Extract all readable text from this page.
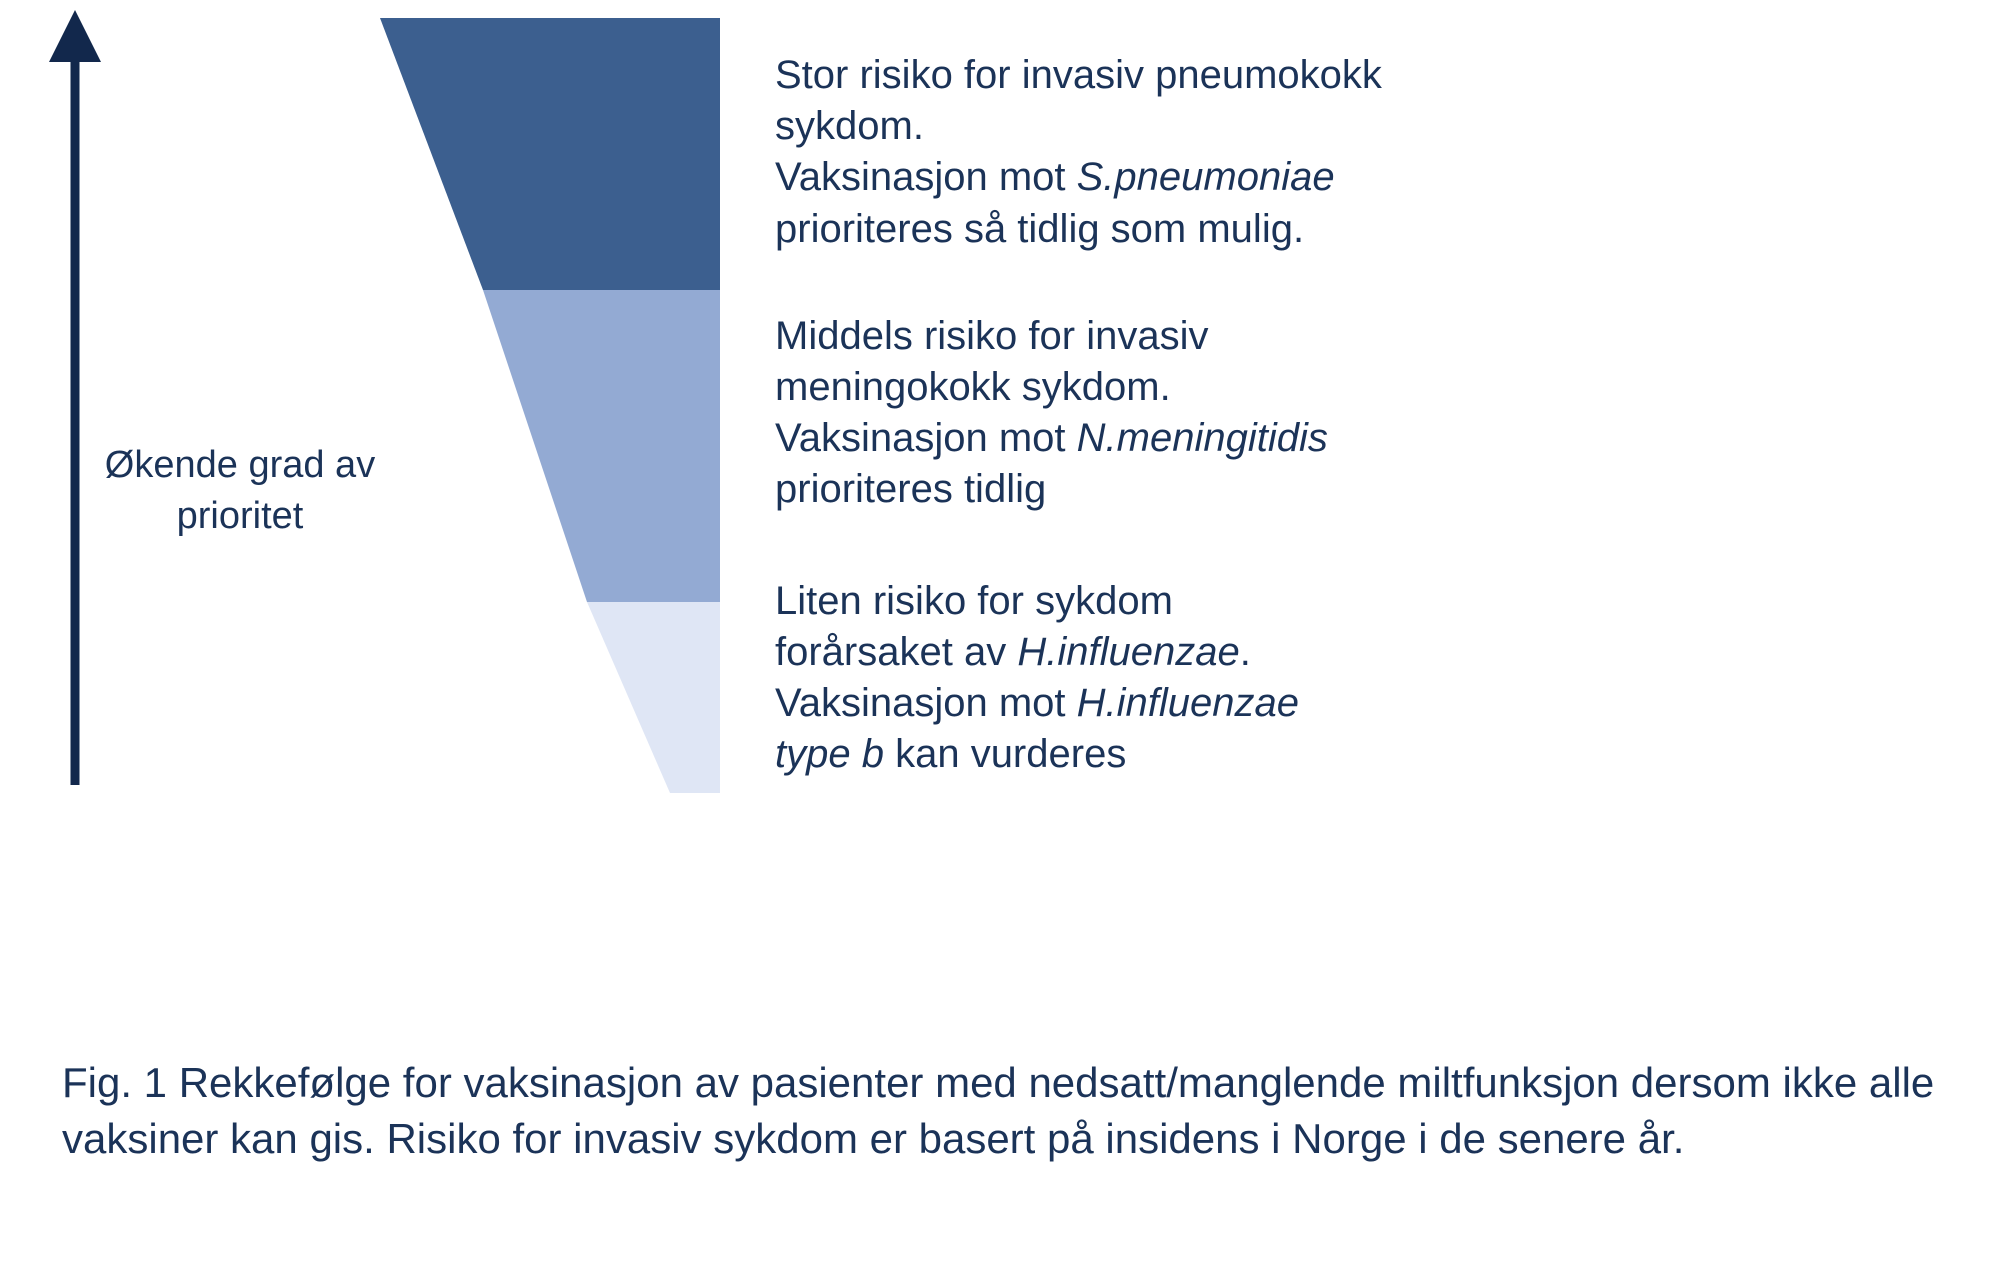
Økende grad av
prioritet

Stor risiko for invasiv pneumokokk

sykdom.

Vaksinasjon mot S.pneumoniae

prioriteres så tidlig som mulig.

Middels risiko for invasiv

meningokokk sykdom.

Vaksinasjon mot N.meningitidis

prioriteres tidlig

Liten risiko for sykdom

forårsaket av H.influenzae.

Vaksinasjon mot H.influenzae

type b kan vurderes

Fig. 1 Rekkefølge for vaksinasjon av pasienter med nedsatt/manglende miltfunksjon dersom ikke alle vaksiner kan gis. Risiko for invasiv sykdom er basert på insidens i Norge i de senere år.
